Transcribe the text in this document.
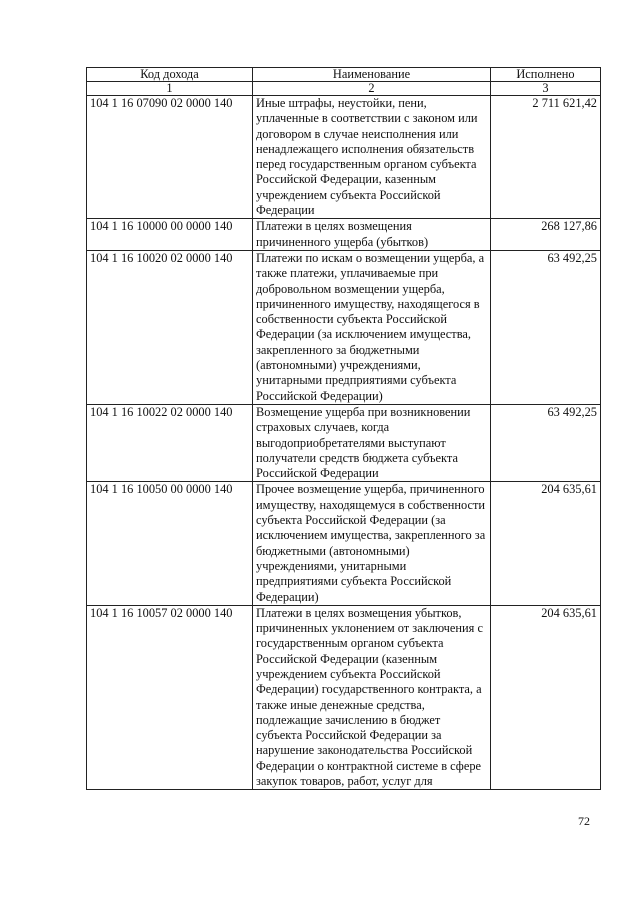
Код дохода	Наименование	Исполнено
1	2	3
104 1 16 07090 02 0000 140	Иные штрафы, неустойки, пени, уплаченные в соответствии с законом или договором в случае неисполнения или ненадлежащего исполнения обязательств перед государственным органом субъекта Российской Федерации, казенным учреждением субъекта Российской Федерации	2 711 621,42
104 1 16 10000 00 0000 140	Платежи в целях возмещения причиненного ущерба (убытков)	268 127,86
104 1 16 10020 02 0000 140	Платежи по искам о возмещении ущерба, а также платежи, уплачиваемые при добровольном возмещении ущерба, причиненного имуществу, находящегося в собственности субъекта Российской Федерации (за исключением имущества, закрепленного за бюджетными (автономными) учреждениями, унитарными предприятиями субъекта Российской Федерации)	63 492,25
104 1 16 10022 02 0000 140	Возмещение ущерба при возникновении страховых случаев, когда выгодоприобретателями выступают получатели средств бюджета субъекта Российской Федерации	63 492,25
104 1 16 10050 00 0000 140	Прочее возмещение ущерба, причиненного имуществу, находящемуся в собственности субъекта Российской Федерации (за исключением имущества, закрепленного за бюджетными (автономными) учреждениями, унитарными предприятиями субъекта Российской Федерации)	204 635,61
104 1 16 10057 02 0000 140	Платежи в целях возмещения убытков, причиненных уклонением от заключения с государственным органом субъекта Российской Федерации (казенным учреждением субъекта Российской Федерации) государственного контракта, а также иные денежные средства, подлежащие зачислению в бюджет субъекта Российской Федерации за нарушение законодательства Российской Федерации о контрактной системе в сфере закупок товаров, работ, услуг для	204 635,61
72
